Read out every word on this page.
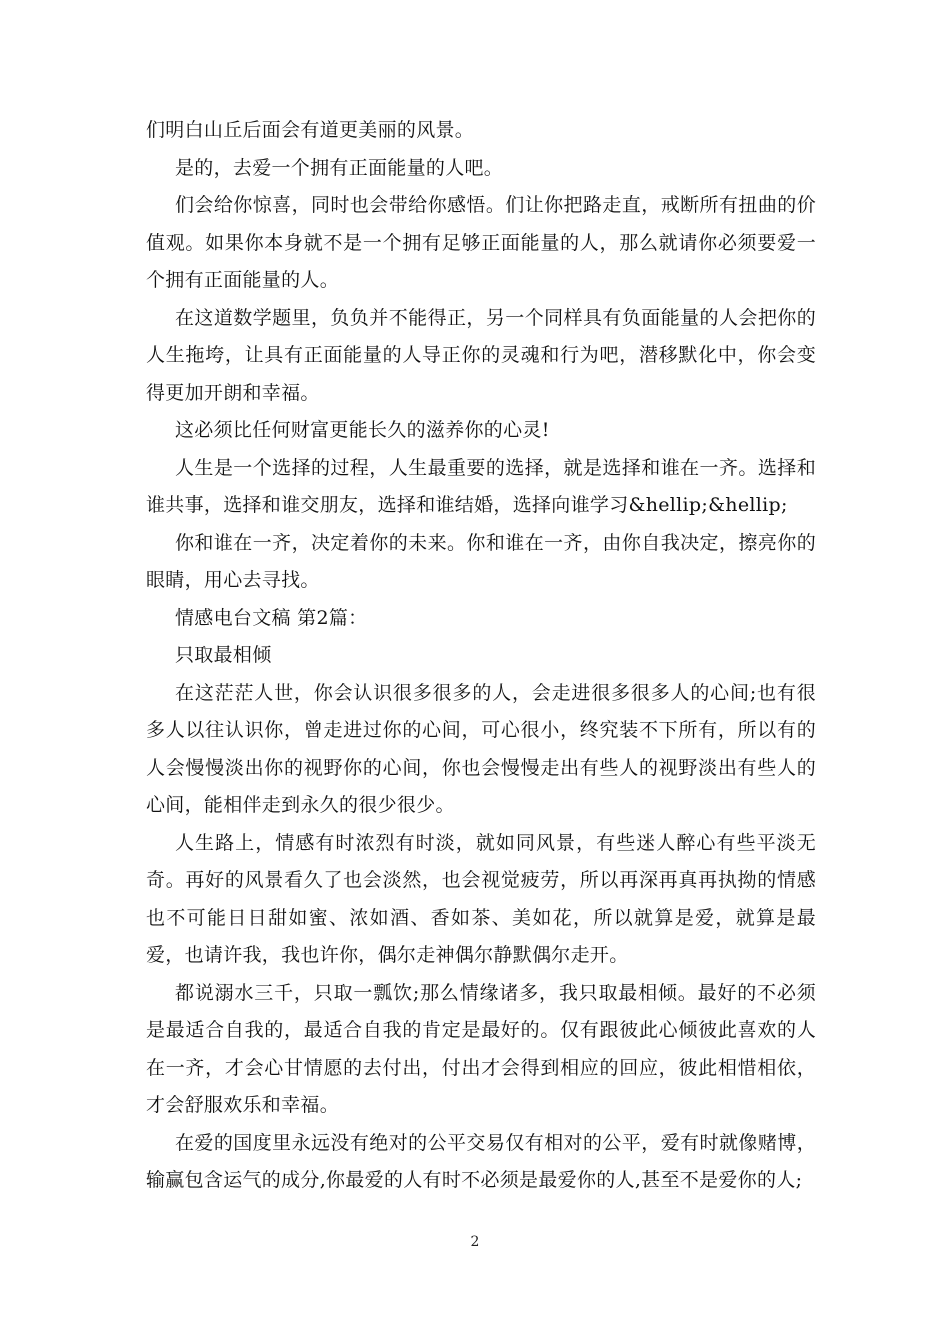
们明白山丘后面会有道更美丽的风景。

是的，去爱一个拥有正面能量的人吧。

们会给你惊喜，同时也会带给你感悟。们让你把路走直，戒断所有扭曲的价值观。如果你本身就不是一个拥有足够正面能量的人，那么就请你必须要爱一个拥有正面能量的人。

在这道数学题里，负负并不能得正，另一个同样具有负面能量的人会把你的人生拖垮，让具有正面能量的人导正你的灵魂和行为吧，潜移默化中，你会变得更加开朗和幸福。

这必须比任何财富更能长久的滋养你的心灵!

人生是一个选择的过程，人生最重要的选择，就是选择和谁在一齐。选择和谁共事，选择和谁交朋友，选择和谁结婚，选择向谁学习&hellip;&hellip;

你和谁在一齐，决定着你的未来。你和谁在一齐，由你自我决定，擦亮你的眼睛，用心去寻找。

情感电台文稿 第2篇：

只取最相倾

在这茫茫人世，你会认识很多很多的人，会走进很多很多人的心间;也有很多人以往认识你，曾走进过你的心间，可心很小，终究装不下所有，所以有的人会慢慢淡出你的视野你的心间，你也会慢慢走出有些人的视野淡出有些人的心间，能相伴走到永久的很少很少。

人生路上，情感有时浓烈有时淡，就如同风景，有些迷人醉心有些平淡无奇。再好的风景看久了也会淡然，也会视觉疲劳，所以再深再真再执拗的情感也不可能日日甜如蜜、浓如酒、香如茶、美如花，所以就算是爱，就算是最爱，也请许我，我也许你，偶尔走神偶尔静默偶尔走开。

都说溺水三千，只取一瓢饮;那么情缘诸多，我只取最相倾。最好的不必须是最适合自我的，最适合自我的肯定是最好的。仅有跟彼此心倾彼此喜欢的人在一齐，才会心甘情愿的去付出，付出才会得到相应的回应，彼此相惜相依，才会舒服欢乐和幸福。

在爱的国度里永远没有绝对的公平交易仅有相对的公平，爱有时就像赌博，输赢包含运气的成分,你最爱的人有时不必须是最爱你的人,甚至不是爱你的人;

2
